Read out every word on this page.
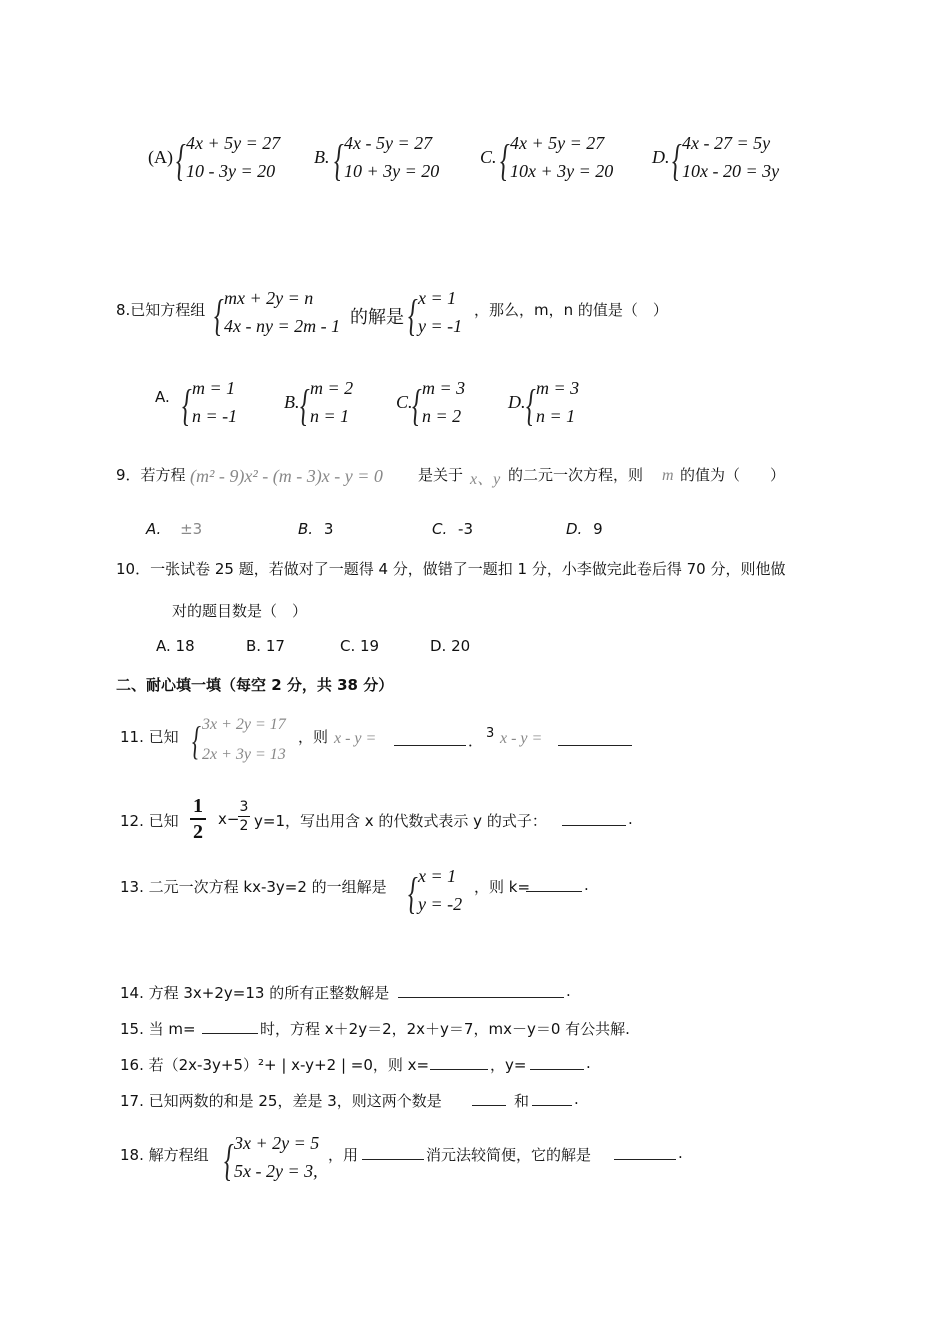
(A) { 4x + 5y = 27
10 - 3y = 20
B. { 4x - 5y = 27
10 + 3y = 20
C. { 4x + 5y = 27
10x + 3y = 20
D. { 4x - 27 = 5y
10x - 20 = 3y
8.已知方程组 { mx + 2y = n
4x - ny = 2m - 1 的解是 { x = 1
y = -1
，那么，m，n 的值是（　）
A. { m = 1
n = -1
B. { m = 2
n = 1
C. { m = 3
n = 2
D. { m = 3
n = 1
9．若方程 (m² - 9)x² - (m - 3)x - y = 0 是关于 x、y 的二元一次方程，则 m 的值为（　　）
A. ±3	B. 3	C. -3	D. 9
10．一张试卷 25 题，若做对了一题得 4 分，做错了一题扣 1 分，小李做完此卷后得 70 分，则他做
对的题目数是（　）
A. 18	B. 17	C. 19	D. 20
二、耐心填一填（每空 2 分，共 38 分）
11. 已知 { 3x + 2y = 17
2x + 3y = 13
，则 x - y =	． 3 x - y =
12. 已知
1
2
x−
3
2 y=1，写出用含 x 的代数式表示 y 的式子：	.
13. 二元一次方程 kx-3y=2 的一组解是 { x = 1
y = -2
，则 k=	.
14. 方程 3x+2y=13 的所有正整数解是	.
15. 当 m=	时，方程 x＋2y＝2，2x＋y＝7，mx－y＝0 有公共解.
16. 若（2x-3y+5）²+ | x-y+2 | =0，则 x=	，y=	.
17. 已知两数的和是 25，差是 3，则这两个数是	和	.
18. 解方程组 { 3x + 2y = 5
5x - 2y = 3,
，用	消元法较简便，它的解是	.
